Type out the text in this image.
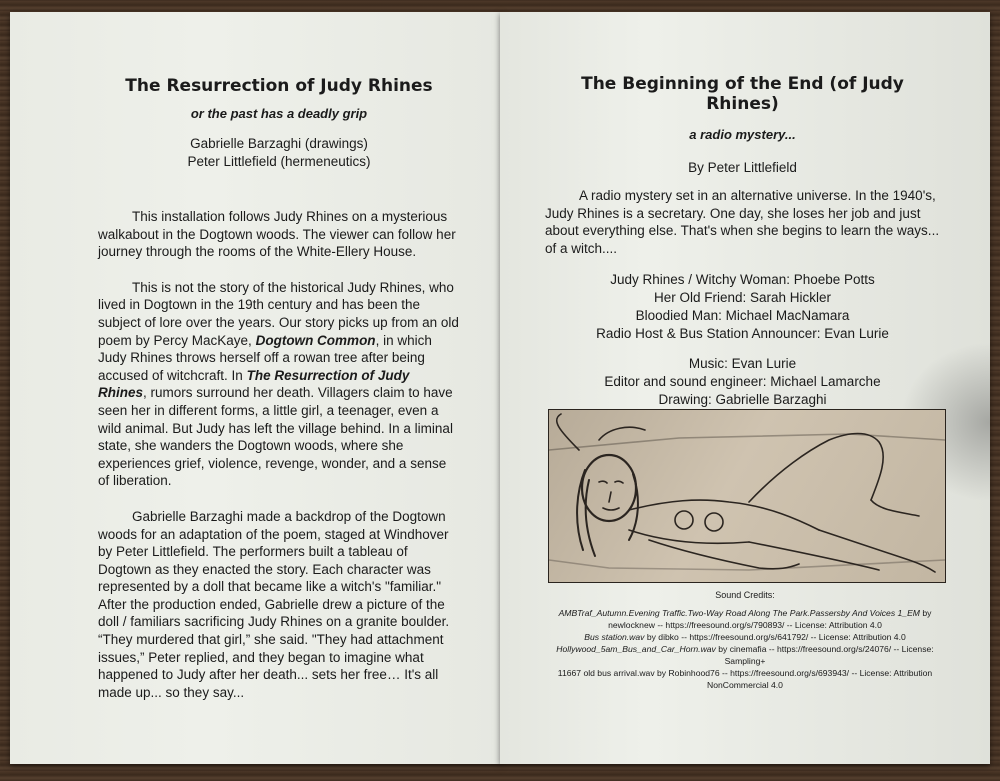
The Resurrection of Judy Rhines

or the past has a deadly grip

Gabrielle Barzaghi (drawings)

Peter Littlefield (hermeneutics)

This installation follows Judy Rhines on a mysterious walkabout in the Dogtown woods. The viewer can follow her journey through the rooms of the White-Ellery House.

This is not the story of the historical Judy Rhines, who lived in Dogtown in the 19th century and has been the subject of lore over the years. Our story picks up from an old poem by Percy MacKaye, Dogtown Common, in which Judy Rhines throws herself off a rowan tree after being accused of witchcraft. In The Resurrection of Judy Rhines, rumors surround her death. Villagers claim to have seen her in different forms, a little girl, a teenager, even a wild animal. But Judy has left the village behind. In a liminal state, she wanders the Dogtown woods, where she experiences grief, violence, revenge, wonder, and a sense of liberation.

Gabrielle Barzaghi made a backdrop of the Dogtown woods for an adaptation of the poem, staged at Windhover by Peter Littlefield. The performers built a tableau of Dogtown as they enacted the story. Each character was represented by a doll that became like a witch's "familiar." After the production ended, Gabrielle drew a picture of the doll / familiars sacrificing Judy Rhines on a granite boulder. “They murdered that girl,” she said. "They had attachment issues,” Peter replied, and they began to imagine what happened to Judy after her death... sets her free… It's all made up... so they say...

The Beginning of the End (of Judy Rhines)

a radio mystery...

By Peter Littlefield

A radio mystery set in an alternative universe. In the 1940's, Judy Rhines is a secretary. One day, she loses her job and just about everything else. That's when she begins to learn the ways... of a witch....

Judy Rhines / Witchy Woman: Phoebe Potts

Her Old Friend: Sarah Hickler

Bloodied Man: Michael MacNamara

Radio Host & Bus Station Announcer: Evan Lurie

Music: Evan Lurie

Editor and sound engineer: Michael Lamarche

Drawing: Gabrielle Barzaghi

Sound Credits:
AMBTraf_Autumn.Evening Traffic.Two-Way Road Along The Park.Passersby And Voices 1_EM by newlocknew -- https://freesound.org/s/790893/ -- License: Attribution 4.0
Bus station.wav by dibko -- https://freesound.org/s/641792/ -- License: Attribution 4.0
Hollywood_5am_Bus_and_Car_Horn.wav by cinemafia -- https://freesound.org/s/24076/ -- License: Sampling+
11667 old bus arrival.wav by Robinhood76 -- https://freesound.org/s/693943/ -- License: Attribution NonCommercial 4.0
